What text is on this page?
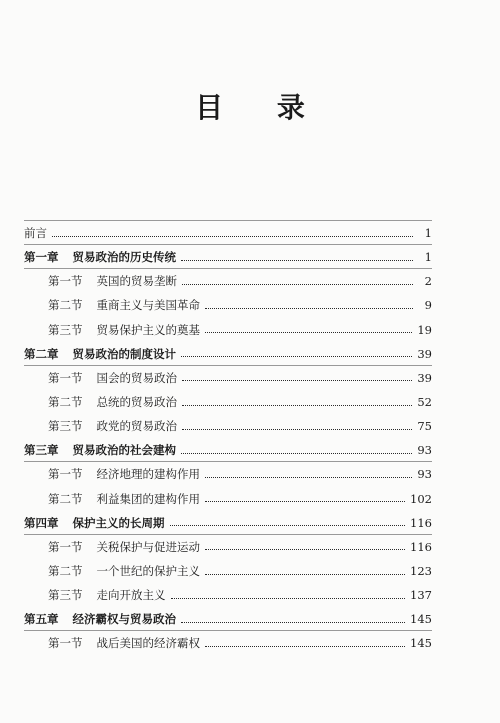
目 录
前言	1
第一章 贸易政治的历史传统	1
第一节 英国的贸易垄断	2
第二节 重商主义与美国革命	9
第三节 贸易保护主义的奠基	19
第二章 贸易政治的制度设计	39
第一节 国会的贸易政治	39
第二节 总统的贸易政治	52
第三节 政党的贸易政治	75
第三章 贸易政治的社会建构	93
第一节 经济地理的建构作用	93
第二节 利益集团的建构作用	102
第四章 保护主义的长周期	116
第一节 关税保护与促进运动	116
第二节 一个世纪的保护主义	123
第三节 走向开放主义	137
第五章 经济霸权与贸易政治	145
第一节 战后美国的经济霸权	145
